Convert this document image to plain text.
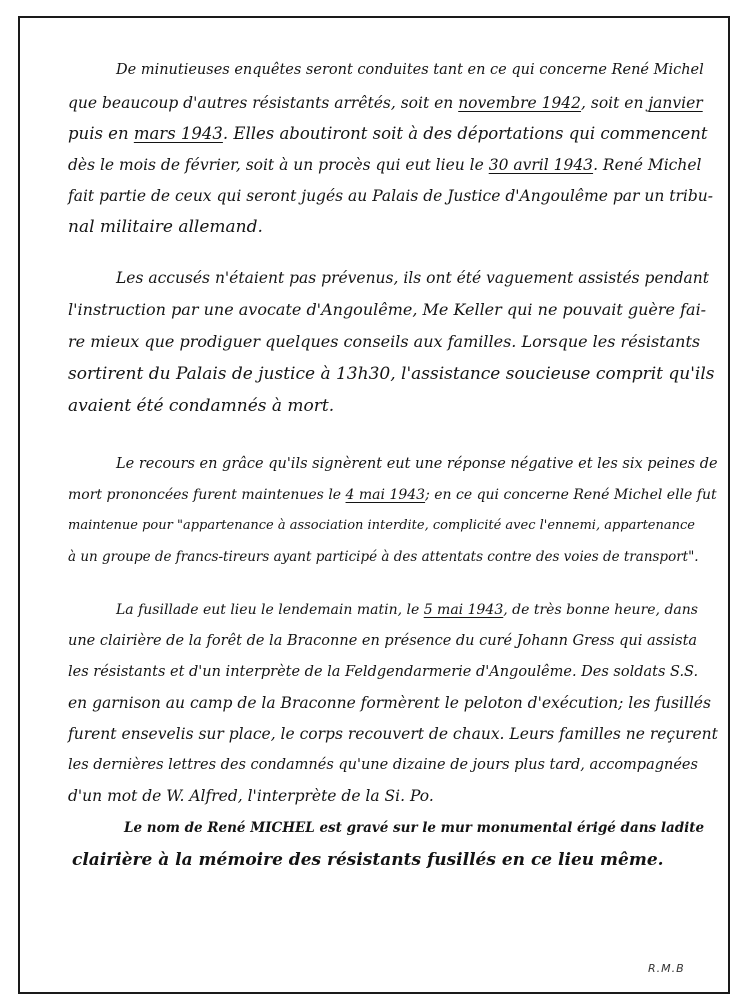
De minutieuses enquêtes seront conduites tant en ce qui concerne René Michel
que beaucoup d'autres résistants arrêtés, soit en novembre 1942, soit en janvier
puis en mars 1943. Elles aboutiront soit à des déportations qui commencent
dès le mois de février, soit à un procès qui eut lieu le 30 avril 1943. René Michel
fait partie de ceux qui seront jugés au Palais de Justice d'Angoulême par un tribu-
nal militaire allemand.
Les accusés n'étaient pas prévenus, ils ont été vaguement assistés pendant
l'instruction par une avocate d'Angoulême, Me Keller qui ne pouvait guère fai-
re mieux que prodiguer quelques conseils aux familles. Lorsque les résistants
sortirent du Palais de justice à 13h30, l'assistance soucieuse comprit qu'ils
avaient été condamnés à mort.
Le recours en grâce qu'ils signèrent eut une réponse négative et les six peines de
mort prononcées furent maintenues le 4 mai 1943; en ce qui concerne René Michel elle fut
maintenue pour "appartenance à association interdite, complicité avec l'ennemi, appartenance
à un groupe de francs-tireurs ayant participé à des attentats contre des voies de transport".
La fusillade eut lieu le lendemain matin, le 5 mai 1943, de très bonne heure, dans
une clairière de la forêt de la Braconne en présence du curé Johann Gress qui assista
les résistants et d'un interprète de la Feldgendarmerie d'Angoulême. Des soldats S.S.
en garnison au camp de la Braconne formèrent le peloton d'exécution; les fusillés
furent ensevelis sur place, le corps recouvert de chaux. Leurs familles ne reçurent
les dernières lettres des condamnés qu'une dizaine de jours plus tard, accompagnées
d'un mot de W. Alfred, l'interprète de la Si. Po.
Le nom de René MICHEL est gravé sur le mur monumental érigé dans ladite
clairière à la mémoire des résistants fusillés en ce lieu même.
R.M.B
